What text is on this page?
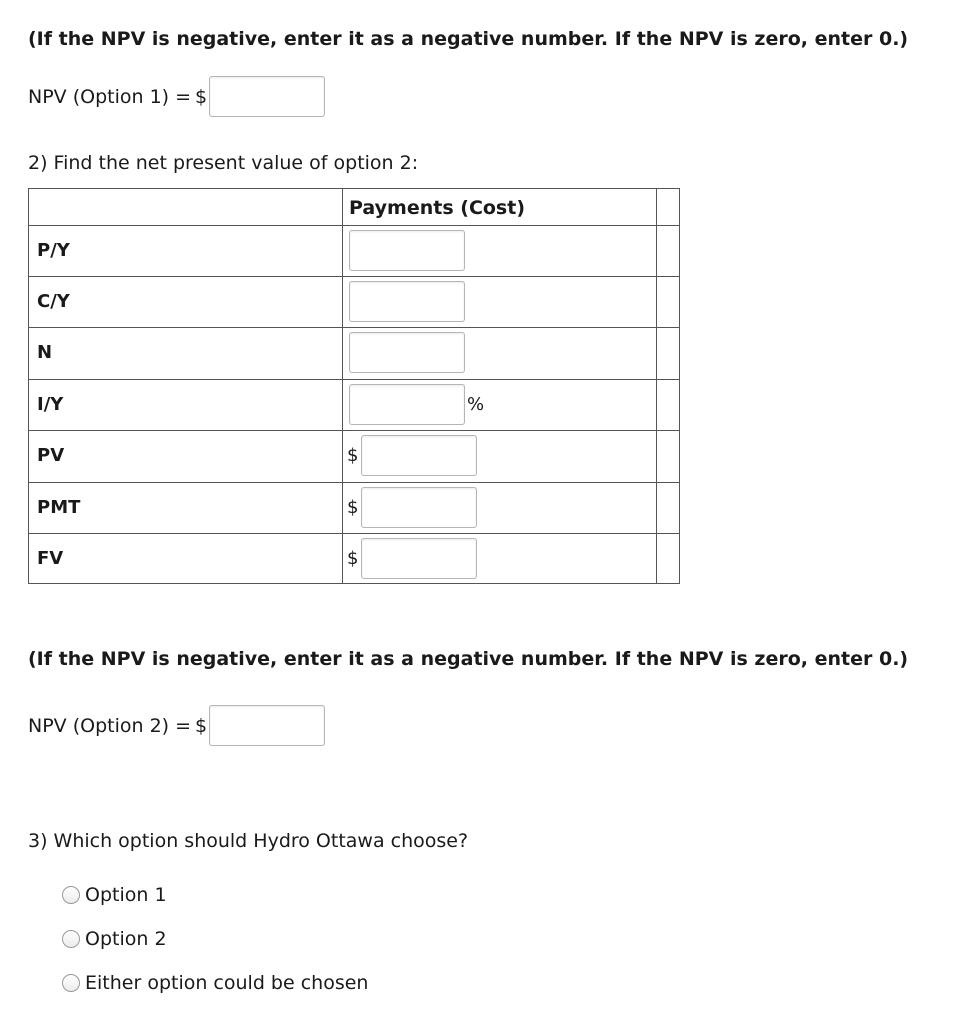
(If the NPV is negative, enter it as a negative number. If the NPV is zero, enter 0.)
NPV (Option 1) = $
2) Find the net present value of option 2:
Payments (Cost)
P/Y
C/Y
N
I/Y	%
PV	$
PMT	$
FV	$
(If the NPV is negative, enter it as a negative number. If the NPV is zero, enter 0.)
NPV (Option 2) = $
3) Which option should Hydro Ottawa choose?
Option 1
Option 2
Either option could be chosen
